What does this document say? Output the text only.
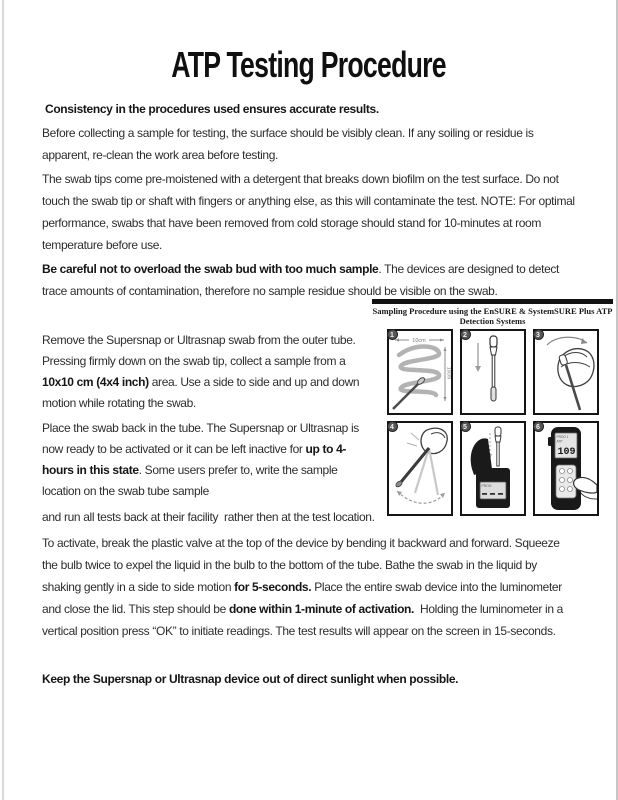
ATP Testing Procedure

Consistency in the procedures used ensures accurate results.

Before collecting a sample for testing, the surface should be visibly clean. If any soiling or residue is apparent, re-clean the work area before testing.

The swab tips come pre-moistened with a detergent that breaks down biofilm on the test surface. Do not touch the swab tip or shaft with fingers or anything else, as this will contaminate the test. NOTE: For optimal performance, swabs that have been removed from cold storage should stand for 10-minutes at room temperature before use.

Be careful not to overload the swab bud with too much sample. The devices are designed to detect trace amounts of contamination, therefore no sample residue should be visible on the swab.

Remove the Supersnap or Ultrasnap swab from the outer tube. Pressing firmly down on the swab tip, collect a sample from a 10x10 cm (4x4 inch) area. Use a side to side and up and down motion while rotating the swab.

Place the swab back in the tube. The Supersnap or Ultrasnap is now ready to be activated or it can be left inactive for up to 4-hours in this state. Some users prefer to, write the sample location on the swab tube sample

and run all tests back at their facility  rather then at the test location.

To activate, break the plastic valve at the top of the device by bending it backward and forward. Squeeze the bulb twice to expel the liquid in the bulb to the bottom of the tube. Bathe the swab in the liquid by shaking gently in a side to side motion for 5-seconds. Place the entire swab device into the luminometer and close the lid. This step should be done within 1-minute of activation.  Holding the luminometer in a vertical position press “OK” to initiate readings. The test results will appear on the screen in 15-seconds.

Keep the Supersnap or Ultrasnap device out of direct sunlight when possible.

Sampling Procedure using the EnSURE & SystemSURE Plus ATP
Detection Systems
1
10cm
10cm
2	3
4	5
PROG
6
PROG 1
ATP
109
